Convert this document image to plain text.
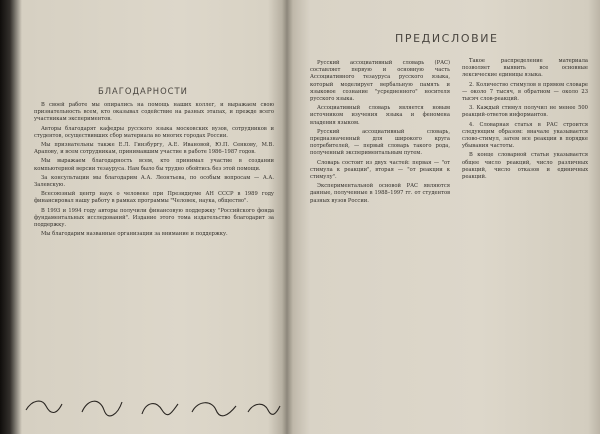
БЛАГОДАРНОСТИ

В своей работе мы опирались на помощь наших коллег, и выражаем свою признательность всем, кто оказывал содействие на разных этапах, и прежде всего участникам экспериментов.

Авторы благодарят кафедры русского языка московских вузов, сотрудников и студентов, осуществивших сбор материала во многих городах России.

Мы признательны также Е.Л. Гинзбургу, А.Е. Ивановой, Ю.П. Сенкову, М.В. Арапову, и всем сотрудникам, принимавшим участие в работе 1986–1987 годов.

Мы выражаем благодарность всем, кто принимал участие в создании компьютерной версии тезауруса. Нам было бы трудно обойтись без этой помощи.

За консультации мы благодарим А.А. Леонтьева, по особым вопросам — А.А. Залевскую.

Всесоюзный центр наук о человеке при Президиуме АН СССР в 1989 году финансировал нашу работу в рамках программы "Человек, наука, общество".

В 1993 и 1994 году авторы получили финансовую поддержку "Российского фонда фундаментальных исследований". Издание этого тома издательство благодарит за поддержку.

Мы благодарим названные организации за внимание и поддержку.

ПРЕДИСЛОВИЕ

Русский ассоциативный словарь (РАС) составляет первую и основную часть Ассоциативного тезауруса русского языка, который моделирует вербальную память и языковое сознание "усредненного" носителя русского языка.

Ассоциативный словарь является новым источником изучения языка и феномена владения языком.

Русский ассоциативный словарь, предназначенный для широкого круга потребителей, — первый словарь такого рода, полученный экспериментальным путем.

Словарь состоит из двух частей: первая — "от стимула к реакции", вторая — "от реакции к стимулу".

Экспериментальной основой РАС являются данные, полученные в 1988–1997 гг. от студентов разных вузов России.

Такое распределение материала позволяет выявить все основные лексические единицы языка.

2. Количество стимулов в прямом словаре — около 7 тысяч, в обратном — около 23 тысяч слов-реакций.

3. Каждый стимул получил не менее 500 реакций-ответов информантов.

4. Словарная статья в РАС строится следующим образом: вначале указывается слово-стимул, затем все реакции в порядке убывания частоты.

В конце словарной статьи указывается общее число реакций, число различных реакций, число отказов и единичных реакций.
